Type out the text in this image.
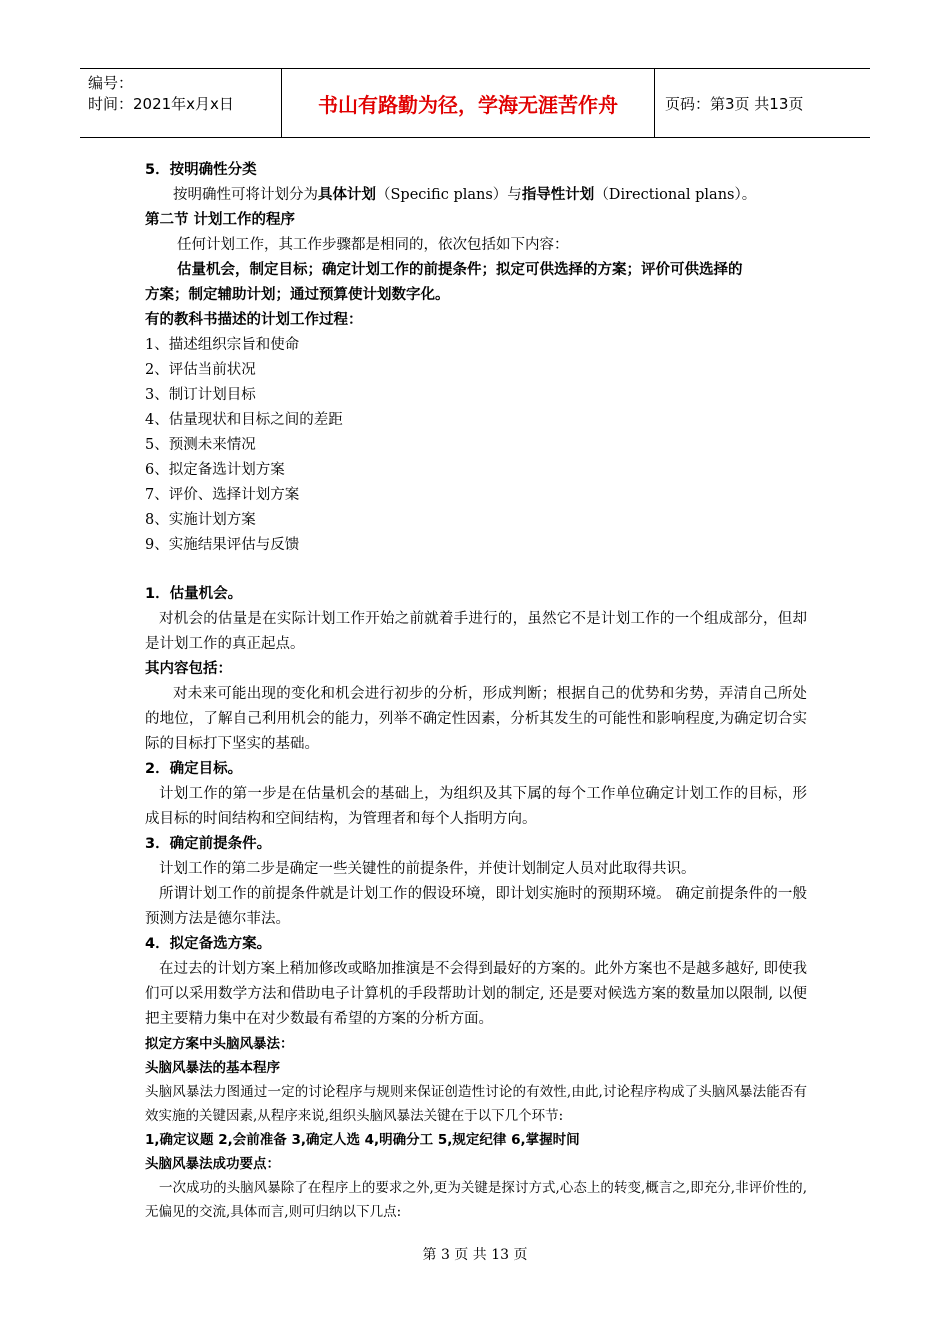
编号：
时间：2021年x月x日	书山有路勤为径，学海无涯苦作舟	页码：第3页 共13页
5．按明确性分类
按明确性可将计划分为具体计划（Specific plans）与指导性计划（Directional plans）。
第二节 计划工作的程序
任何计划工作，其工作步骤都是相同的，依次包括如下内容：
估量机会，制定目标；确定计划工作的前提条件；拟定可供选择的方案；评价可供选择的
方案；制定辅助计划；通过预算使计划数字化。
有的教科书描述的计划工作过程：
1、描述组织宗旨和使命
2、评估当前状况
3、制订计划目标
4、估量现状和目标之间的差距
5、预测未来情况
6、拟定备选计划方案
7、评价、选择计划方案
8、实施计划方案
9、实施结果评估与反馈
1．估量机会。
对机会的估量是在实际计划工作开始之前就着手进行的，虽然它不是计划工作的一个组成部分，但却是计划工作的真正起点。
其内容包括：
对未来可能出现的变化和机会进行初步的分析，形成判断；根据自己的优势和劣势，弄清自己所处的地位，了解自己利用机会的能力，列举不确定性因素，分析其发生的可能性和影响程度,为确定切合实际的目标打下坚实的基础。
2．确定目标。
计划工作的第一步是在估量机会的基础上，为组织及其下属的每个工作单位确定计划工作的目标，形成目标的时间结构和空间结构，为管理者和每个人指明方向。
3．确定前提条件。
计划工作的第二步是确定一些关键性的前提条件，并使计划制定人员对此取得共识。
所谓计划工作的前提条件就是计划工作的假设环境，即计划实施时的预期环境。 确定前提条件的一般预测方法是德尔菲法。
4．拟定备选方案。
在过去的计划方案上稍加修改或略加推演是不会得到最好的方案的。此外方案也不是越多越好, 即使我们可以采用数学方法和借助电子计算机的手段帮助计划的制定, 还是要对候选方案的数量加以限制, 以便把主要精力集中在对少数最有希望的方案的分析方面。
拟定方案中头脑风暴法：
头脑风暴法的基本程序
头脑风暴法力图通过一定的讨论程序与规则来保证创造性讨论的有效性,由此,讨论程序构成了头脑风暴法能否有效实施的关键因素,从程序来说,组织头脑风暴法关键在于以下几个环节:
1,确定议题 2,会前准备 3,确定人选 4,明确分工 5,规定纪律 6,掌握时间
头脑风暴法成功要点：
一次成功的头脑风暴除了在程序上的要求之外,更为关键是探讨方式,心态上的转变,概言之,即充分,非评价性的,无偏见的交流,具体而言,则可归纳以下几点:
第 3 页 共 13 页
